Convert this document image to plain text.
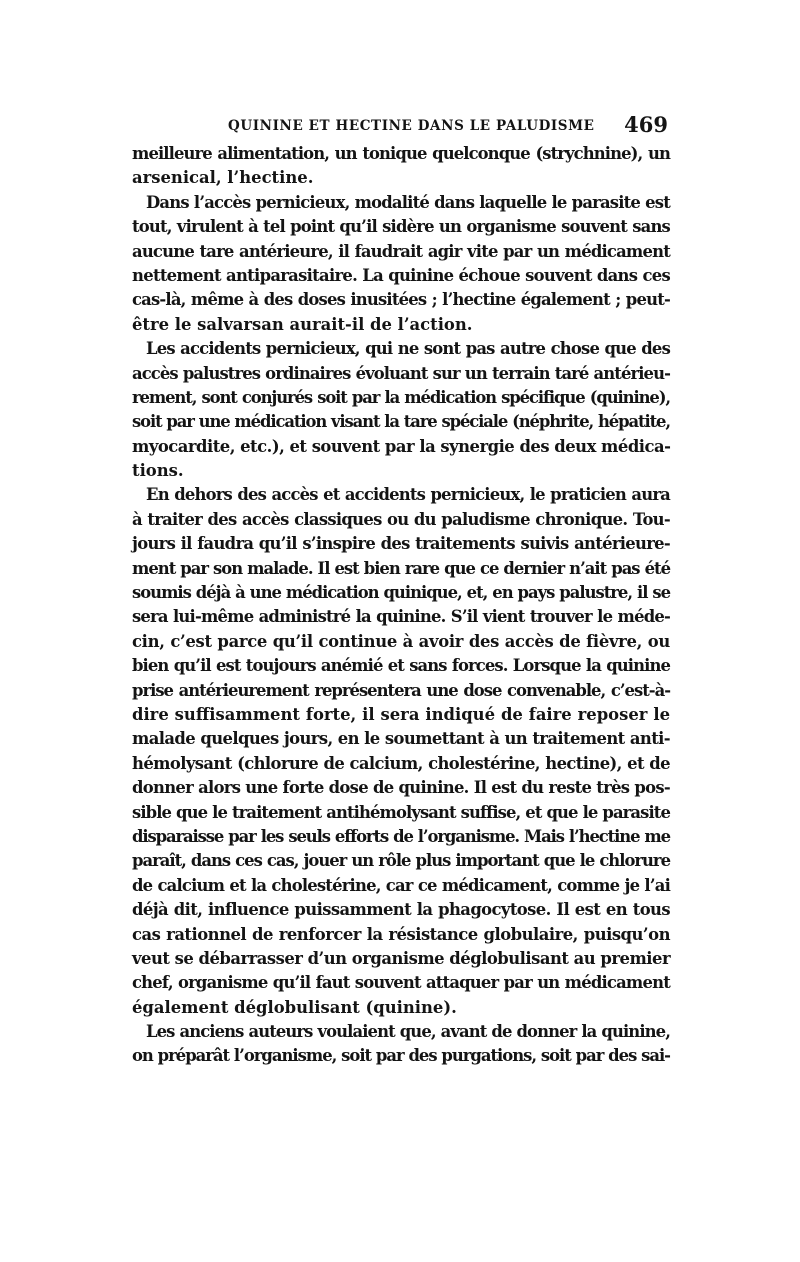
QUININE ET HECTINE DANS LE PALUDISME 469
meilleure alimentation, un tonique quelconque (strychnine), un
arsenical, l’hectine.
Dans l’accès pernicieux, modalité dans laquelle le parasite est
tout, virulent à tel point qu’il sidère un organisme souvent sans
aucune tare antérieure, il faudrait agir vite par un médicament
nettement antiparasitaire. La quinine échoue souvent dans ces
cas-là, même à des doses inusitées ; l’hectine également ; peut-
être le salvarsan aurait-il de l’action.
Les accidents pernicieux, qui ne sont pas autre chose que des
accès palustres ordinaires évoluant sur un terrain taré antérieu-
rement, sont conjurés soit par la médication spécifique (quinine),
soit par une médication visant la tare spéciale (néphrite, hépatite,
myocardite, etc.), et souvent par la synergie des deux médica-
tions.
En dehors des accès et accidents pernicieux, le praticien aura
à traiter des accès classiques ou du paludisme chronique. Tou-
jours il faudra qu’il s’inspire des traitements suivis antérieure-
ment par son malade. Il est bien rare que ce dernier n’ait pas été
soumis déjà à une médication quinique, et, en pays palustre, il se
sera lui-même administré la quinine. S’il vient trouver le méde-
cin, c’est parce qu’il continue à avoir des accès de fièvre, ou
bien qu’il est toujours anémié et sans forces. Lorsque la quinine
prise antérieurement représentera une dose convenable, c’est-à-
dire suffisamment forte, il sera indiqué de faire reposer le
malade quelques jours, en le soumettant à un traitement anti-
hémolysant (chlorure de calcium, cholestérine, hectine), et de
donner alors une forte dose de quinine. Il est du reste très pos-
sible que le traitement antihémolysant suffise, et que le parasite
disparaisse par les seuls efforts de l’organisme. Mais l’hectine me
paraît, dans ces cas, jouer un rôle plus important que le chlorure
de calcium et la cholestérine, car ce médicament, comme je l’ai
déjà dit, influence puissamment la phagocytose. Il est en tous
cas rationnel de renforcer la résistance globulaire, puisqu’on
veut se débarrasser d’un organisme déglobulisant au premier
chef, organisme qu’il faut souvent attaquer par un médicament
également déglobulisant (quinine).
Les anciens auteurs voulaient que, avant de donner la quinine,
on préparât l’organisme, soit par des purgations, soit par des sai-
